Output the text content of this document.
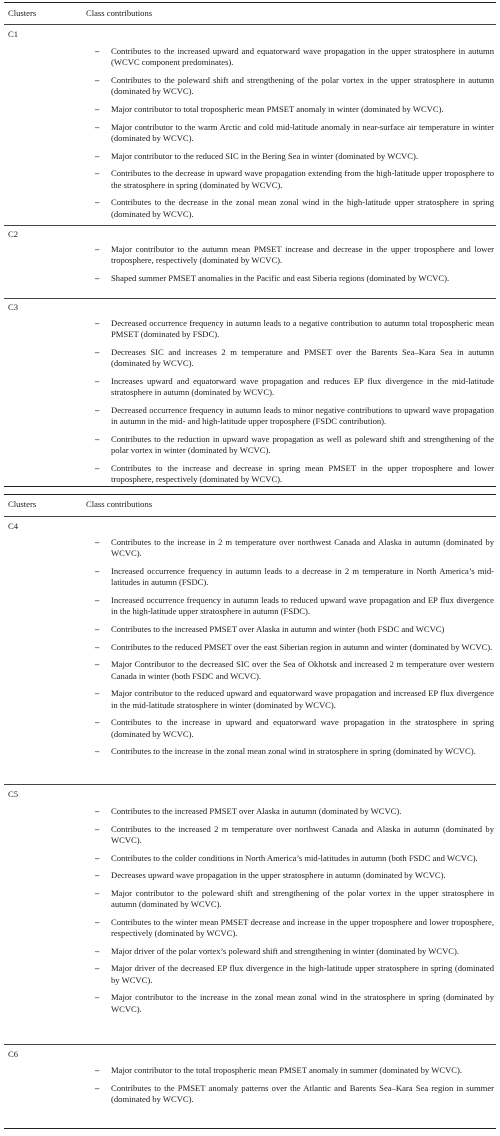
Clusters	Class contributions
C1
– Contributes to the increased upward and equatorward wave propagation in the upper stratosphere in autumn (WCVC component predominates).
– Contributes to the poleward shift and strengthening of the polar vortex in the upper stratosphere in autumn (dominated by WCVC).
– Major contributor to total tropospheric mean PMSET anomaly in winter (dominated by WCVC).
– Major contributor to the warm Arctic and cold mid-latitude anomaly in near-surface air temperature in winter (dominated by WCVC).
– Major contributor to the reduced SIC in the Bering Sea in winter (dominated by WCVC).
– Contributes to the decrease in upward wave propagation extending from the high-latitude upper troposphere to the stratosphere in spring (dominated by WCVC).
– Contributes to the decrease in the zonal mean zonal wind in the high-latitude upper stratosphere in spring (dominated by WCVC).
C2
– Major contributor to the autumn mean PMSET increase and decrease in the upper troposphere and lower troposphere, respectively (dominated by WCVC).
– Shaped summer PMSET anomalies in the Pacific and east Siberia regions (dominated by WCVC).
C3
– Decreased occurrence frequency in autumn leads to a negative contribution to autumn total tropospheric mean PMSET (dominated by FSDC).
– Decreases SIC and increases 2 m temperature and PMSET over the Barents Sea–Kara Sea in autumn (dominated by WCVC).
– Increases upward and equatorward wave propagation and reduces EP flux divergence in the mid-latitude stratosphere in autumn (dominated by WCVC).
– Decreased occurrence frequency in autumn leads to minor negative contributions to upward wave propagation in autumn in the mid- and high-latitude upper troposphere (FSDC contribution).
– Contributes to the reduction in upward wave propagation as well as poleward shift and strengthening of the polar vortex in winter (dominated by WCVC).
– Contributes to the increase and decrease in spring mean PMSET in the upper troposphere and lower troposphere, respectively (dominated by WCVC).
Clusters	Class contributions
C4
– Contributes to the increase in 2 m temperature over northwest Canada and Alaska in autumn (dominated by WCVC).
– Increased occurrence frequency in autumn leads to a decrease in 2 m temperature in North America’s mid-latitudes in autumn (FSDC).
– Increased occurrence frequency in autumn leads to reduced upward wave propagation and EP flux divergence in the high-latitude upper stratosphere in autumn (FSDC).
– Contributes to the increased PMSET over Alaska in autumn and winter (both FSDC and WCVC)
– Contributes to the reduced PMSET over the east Siberian region in autumn and winter (dominated by WCVC).
– Major Contributor to the decreased SIC over the Sea of Okhotsk and increased 2 m temperature over western Canada in winter (both FSDC and WCVC).
– Major contributor to the reduced upward and equatorward wave propagation and increased EP flux divergence in the mid-latitude stratosphere in winter (dominated by WCVC).
– Contributes to the increase in upward and equatorward wave propagation in the stratosphere in spring (dominated by WCVC).
– Contributes to the increase in the zonal mean zonal wind in stratosphere in spring (dominated by WCVC).
C5
– Contributes to the increased PMSET over Alaska in autumn (dominated by WCVC).
– Contributes to the increased 2 m temperature over northwest Canada and Alaska in autumn (dominated by WCVC).
– Contributes to the colder conditions in North America’s mid-latitudes in autumn (both FSDC and WCVC).
– Decreases upward wave propagation in the upper stratosphere in autumn (dominated by WCVC).
– Major contributor to the poleward shift and strengthening of the polar vortex in the upper stratosphere in autumn (dominated by WCVC).
– Contributes to the winter mean PMSET decrease and increase in the upper troposphere and lower troposphere, respectively (dominated by WCVC).
– Major driver of the polar vortex’s poleward shift and strengthening in winter (dominated by WCVC).
– Major driver of the decreased EP flux divergence in the high-latitude upper stratosphere in spring (dominated by WCVC).
– Major contributor to the increase in the zonal mean zonal wind in the stratosphere in spring (dominated by WCVC).
C6
– Major contributor to the total tropospheric mean PMSET anomaly in summer (dominated by WCVC).
– Contributes to the PMSET anomaly patterns over the Atlantic and Barents Sea–Kara Sea region in summer (dominated by WCVC).
